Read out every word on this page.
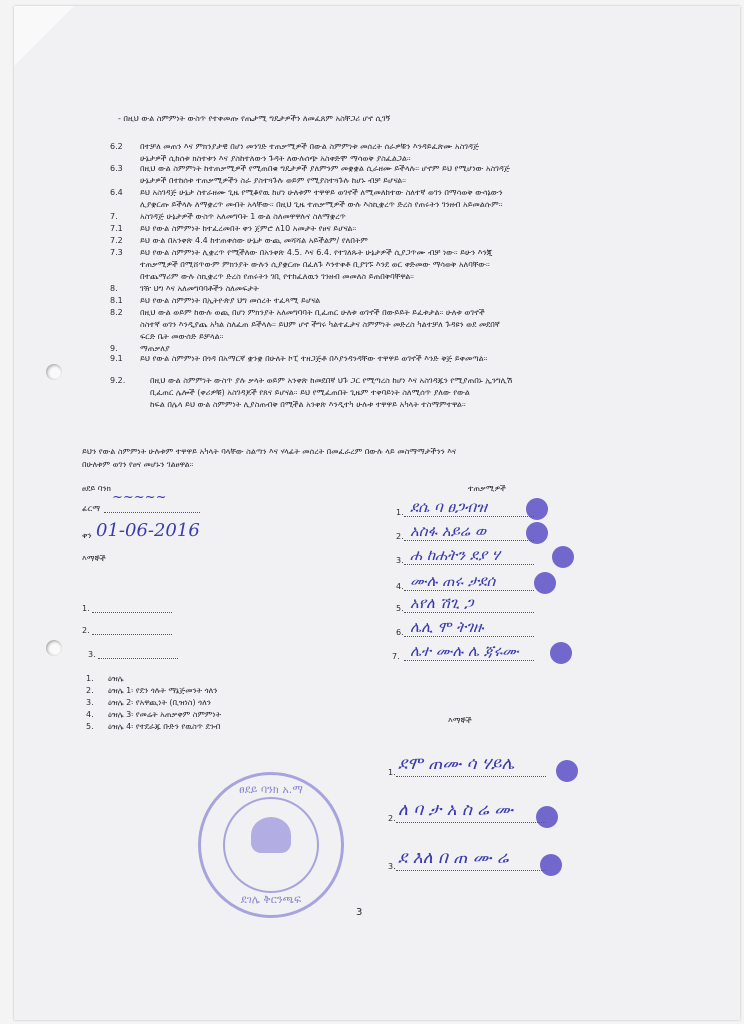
- በዚህ ውል ስምምነት ውስጥ የተቀመጡ የጤታሚ ግዴታዎችን ለመፈጸም አስቸጋሪ ሆኖ ሲገኝ
6.2 በተቻለ መጠን እና ምክንያታዊ በሆነ መንገድ ተጠቃሚዎች በውል ስምምነቱ መሰረት ሰራዎቹን እንዳይፈጽሙ አስገዳጅ
ሁኔታዎች ሲከሰቱ ክስተቱን እና ያስከተለውን ጉዳት ለውሉሰጭ አስቀድሞ ማሳወቅ ያስፈልጋል።
6.3 በዚህ ውል ስምምነት ከተጠቃሚዎች የሚጠበቁ ግዴታዎች ያለምንም መቋቋል ሲራዘሙ ይችላሉ። ሆኖም ይህ የሚሆነው አስገዳጅ
ሁኔታዎች በተከሰቱ ተጠቃሚዎችን ስራ ያስተጓጉሉ ወይም የሚያስተጓጉሉ ከሆኑ ብቻ ይሆናል።
6.4 ይህ አስገዳጅ ሁኔታ ስተራዘሙ ጊዜ የሚቆየዉ ከሆነ ሁለቱም ተዋዋይ ወገኖች ለሚመለከተው ስለተኛ ወገን በማሳወቅ ውሳኔውን
ሊያቋርጡ ይችላሉ ለማቋረጥ መብት አላቸው። በዚህ ጊዜ ተጠቃሚዎች ውሉ እስኪቋረጥ ድረስ የጠሩትን ገንዘብ አይመልሱም።
7.	አስገዳጅ ሁኔታዎች ውስጥ አለመግባት 1 ውል ስለመዋዋሉና ስለማቋረጥ
7.1 ይህ የውል ስምምነት ከተፈረመበት ቀን ጀምሮ ለ10 አመታት የፀና ይሆናል።
7.2 ይህ ውል በአንቀጽ 4.4 ከተጠቀሰው ሁኔታ ውጪ መሻሻል አይችልም/ የለበትም
7.3 ይህ የውል ስምምነት ሊቋረጥ የሚችለው በአንቀጽ 4.5. እና 6.4. የተገለጹት ሁኔታዎች ሲያጋጥሙ ብቻ ነው። ይሁን እንጂ
ተጠቃሚዎች በሚሸጥውም ምክንያት ውሉን ሲያቋርጡ በፈለጉ እንተቀቶ ቢያገኙ እንደ ወር ቀድመው ማሳወቅ አለባቸው።
በተጨማሪም ውሉ ስኪቋረጥ ድረስ የጠሩትን ገቢ የተከፈለዉን ገንዘብ መመለስ ይጠበቅባቸዋል።
8.	ገዥ ህግ እና አለመግባባቶችን ስለመፍታት
8.1 ይህ የውል ስምምነት በኢትዮጵያ ህግ መሰረት ተፈጻሚ ይሆናል
8.2 በዚህ ውል ወይም ከውሉ ወጪ በሆነ ምክንያት አለመግባባት ቢፈጠር ሁለቱ ወገኖች በውይይት ይፈቱታል። ሁለቱ ወገኖች
ስስተኛ ወገን እንዲያጨ አካል ስለፈጠ ይችላሉ። ይህም ሆኖ ችግሩ ካልተፈታና ስምምነት መድረስ ካልተቻለ ጉዳዩን ወደ መደበኛ
ፍርድ ቤት መውሰድ ይቻላል።
9.	ማጠቃለያ
9.1 ይህ የውል ስምምነት በጎዳ በአማርኛ ቋንቋ በሁለት ኮፒ ተዘጋጅቶ በእያንዳንዳቸው ተዋዋይ ወገኖች እንድ ቅጅ ይቀመጣል።
9.2.	በዚህ ውል ስምምነት ውስጥ ያሉ ቃላት ወይም አንቀጽ ከመደበኛ ህጉ ጋር የሚጣረስ ከሆነ እና አስገዳጁን የሚያጠበኑ ኢንግሊሽ
ቢፈጠር ሌሎች (ቀሪዎቹ) አስገዳጆች የጸና ይሆናል። ይህ የሚፈጠበት ጊዜም ተቀባይነት ስለሚሰጥ ያለው የውል
ከፍል በሌላ ይህ ውል ስምምነት ሊያስጠብቅ በሚችል አንቀጽ እንዲተካ ሁሉቱ ተዋዋይ አካላት ተስማምተዋል።
ይህን የውል ስምምነት ሁሉቱም ተዋዋይ አካላት ባላቸው ስልጣን እና ሃላፊት መሰረት በመፈራረም በውሉ ላይ መስማማታችንን እና
በሁለቱም ወገን የፀና መሆኑን ገልፀዋል።
ፀደይ ባንክ
ፊርማ
~~~~~
ቀን 01-06-2016
እማኞች
1.
2.
3.
1. ዕዝሌ
2. ዕዝሌ 1፡ የደን ጎሉት ማኔጅመንት ጎለን
3. ዕዝሌ 2፡ የአዋጪነት (ቢዝነስ) ጎለን
4. ዕዝሌ 3፡ የመሬት አጠቃቀም ስምምነት
5. ዕዝሌ 4፡ የተደራጁ ቡድን የዉስጥ ደንብ
ተጠቃሚዎች
1. ደሴ ባ ፀጋብዝ
2. አስፋ አይሬ ወ
3. ሐ ከሐትን ደያ ሃ
4. ሙሉ ጠሩ ታደሰ
5. አየለ ሽጊ ጋ
6. ሌሊ ሞ ትገዙ
7. ሌተ ሙሉ ሌ ጃሩሙ
እማኞች
1. ደሞ ጠሙ ሳ ሃይሌ
2. ለ ባ ታ አ ስ ሬ ሙ
3. ደ እለ በ ጠ ሙ ሬ
ፀደይ ባንክ አ.ማ
ደገሌ ቅርንጫፍ
3
